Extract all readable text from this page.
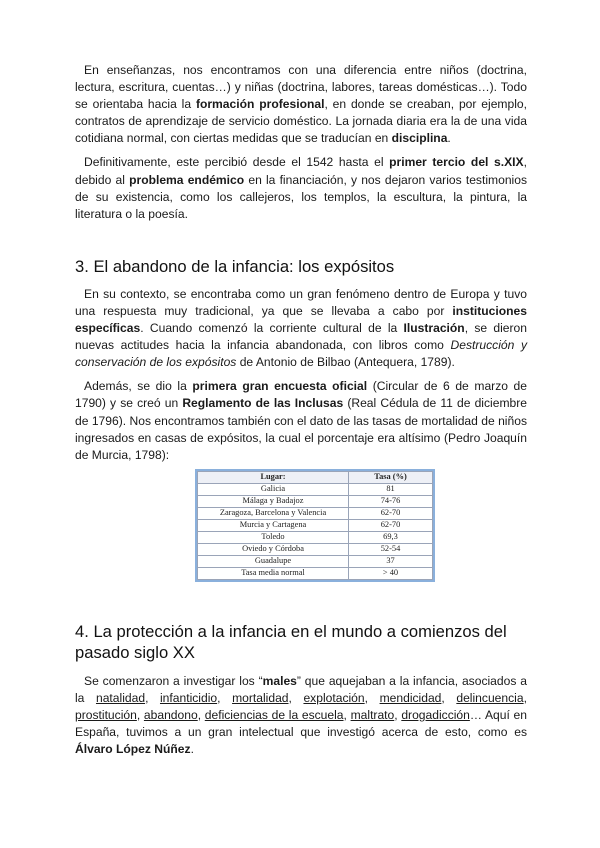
En enseñanzas, nos encontramos con una diferencia entre niños (doctrina, lectura, escritura, cuentas…) y niñas (doctrina, labores, tareas domésticas…). Todo se orientaba hacia la formación profesional, en donde se creaban, por ejemplo, contratos de aprendizaje de servicio doméstico. La jornada diaria era la de una vida cotidiana normal, con ciertas medidas que se traducían en disciplina.

Definitivamente, este percibió desde el 1542 hasta el primer tercio del s.XIX, debido al problema endémico en la financiación, y nos dejaron varios testimonios de su existencia, como los callejeros, los templos, la escultura, la pintura, la literatura o la poesía.

3. El abandono de la infancia: los expósitos

En su contexto, se encontraba como un gran fenómeno dentro de Europa y tuvo una respuesta muy tradicional, ya que se llevaba a cabo por instituciones específicas. Cuando comenzó la corriente cultural de la Ilustración, se dieron nuevas actitudes hacia la infancia abandonada, con libros como Destrucción y conservación de los expósitos de Antonio de Bilbao (Antequera, 1789).

Además, se dio la primera gran encuesta oficial (Circular de 6 de marzo de 1790) y se creó un Reglamento de las Inclusas (Real Cédula de 11 de diciembre de 1796). Nos encontramos también con el dato de las tasas de mortalidad de niños ingresados en casas de expósitos, la cual el porcentaje era altísimo (Pedro Joaquín de Murcia, 1798):

Lugar:	Tasa (%)
Galicia	81
Málaga y Badajoz	74-76
Zaragoza, Barcelona y Valencia	62-70
Murcia y Cartagena	62-70
Toledo	69,3
Oviedo y Córdoba	52-54
Guadalupe	37
Tasa media normal	> 40
4. La protección a la infancia en el mundo a comienzos del pasado siglo XX

Se comenzaron a investigar los “males” que aquejaban a la infancia, asociados a la natalidad, infanticidio, mortalidad, explotación, mendicidad, delincuencia, prostitución, abandono, deficiencias de la escuela, maltrato, drogadicción… Aquí en España, tuvimos a un gran intelectual que investigó acerca de esto, como es Álvaro López Núñez.
